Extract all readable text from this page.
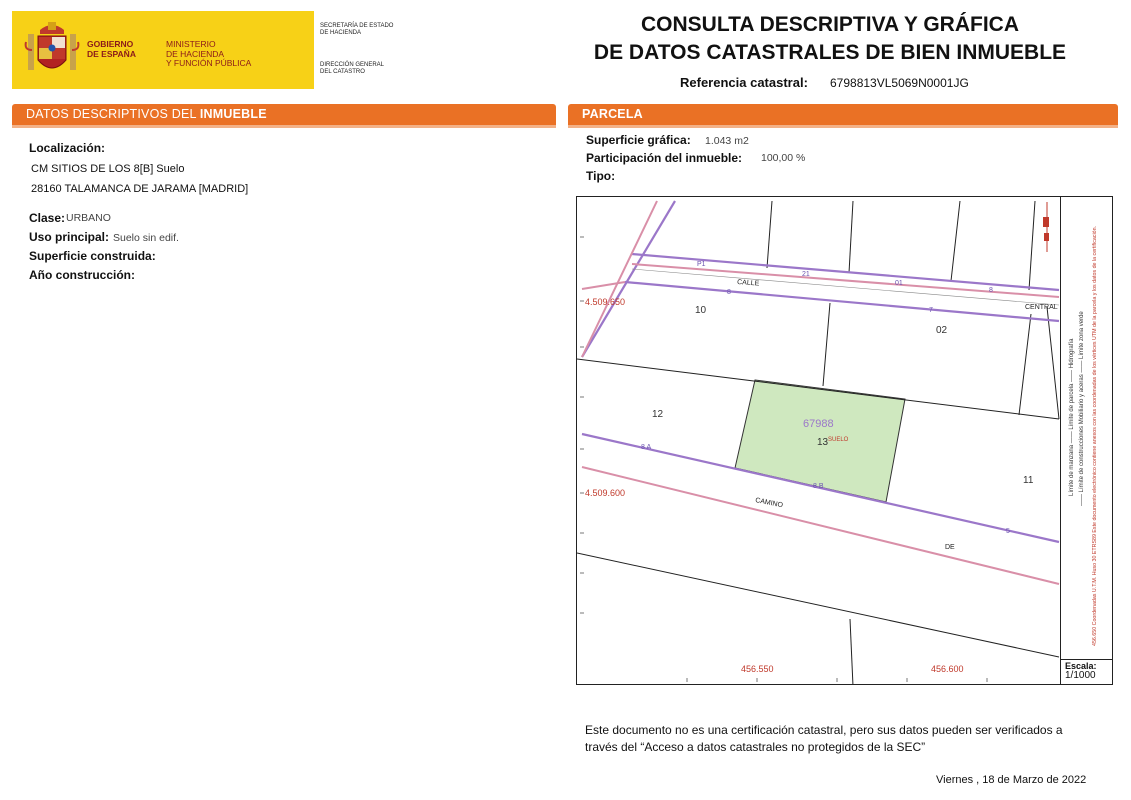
GOBIERNO
DE ESPAÑA
MINISTERIO
DE HACIENDA
Y FUNCIÓN PÚBLICA
SECRETARÍA DE ESTADO
DE HACIENDA
DIRECCIÓN GENERAL
DEL CATASTRO
CONSULTA DESCRIPTIVA Y GRÁFICA
DE DATOS CATASTRALES DE BIEN INMUEBLE
Referencia catastral: 6798813VL5069N0001JG
DATOS DESCRIPTIVOS DEL INMUEBLE	PARCELA
Localización:
CM SITIOS DE LOS 8[B] Suelo
28160 TALAMANCA DE JARAMA [MADRID]
Clase: URBANO
Uso principal: Suelo sin edif.
Superficie construida:
Año construcción:
Superficie gráfica: 1.043 m2
Participación del inmueble: 100,00 %
Tipo:
4.509.650
4.509.600
456.550	456.600
CALLE
CENTRAL
CAMINO
DE
10
02
12
11
67988
13 SUELO
P1
21
01
8
8
7
8 A
8 B
5
Límite de manzana —— Límite de parcela —— Hidrografía —— Límite de construcciones Mobiliario y aceras —— Límite zona verde 456.650 Coordenadas U.T.M. Huso 30 ETRS89 Este documento electrónico contiene anexos con las coordenadas de los vértices UTM de la parcela y los datos de la certificación.
Escala:
1/1000
Este documento no es una certificación catastral, pero sus datos pueden ser verificados a través del “Acceso a datos catastrales no protegidos de la SEC”
Viernes , 18 de Marzo de 2022
